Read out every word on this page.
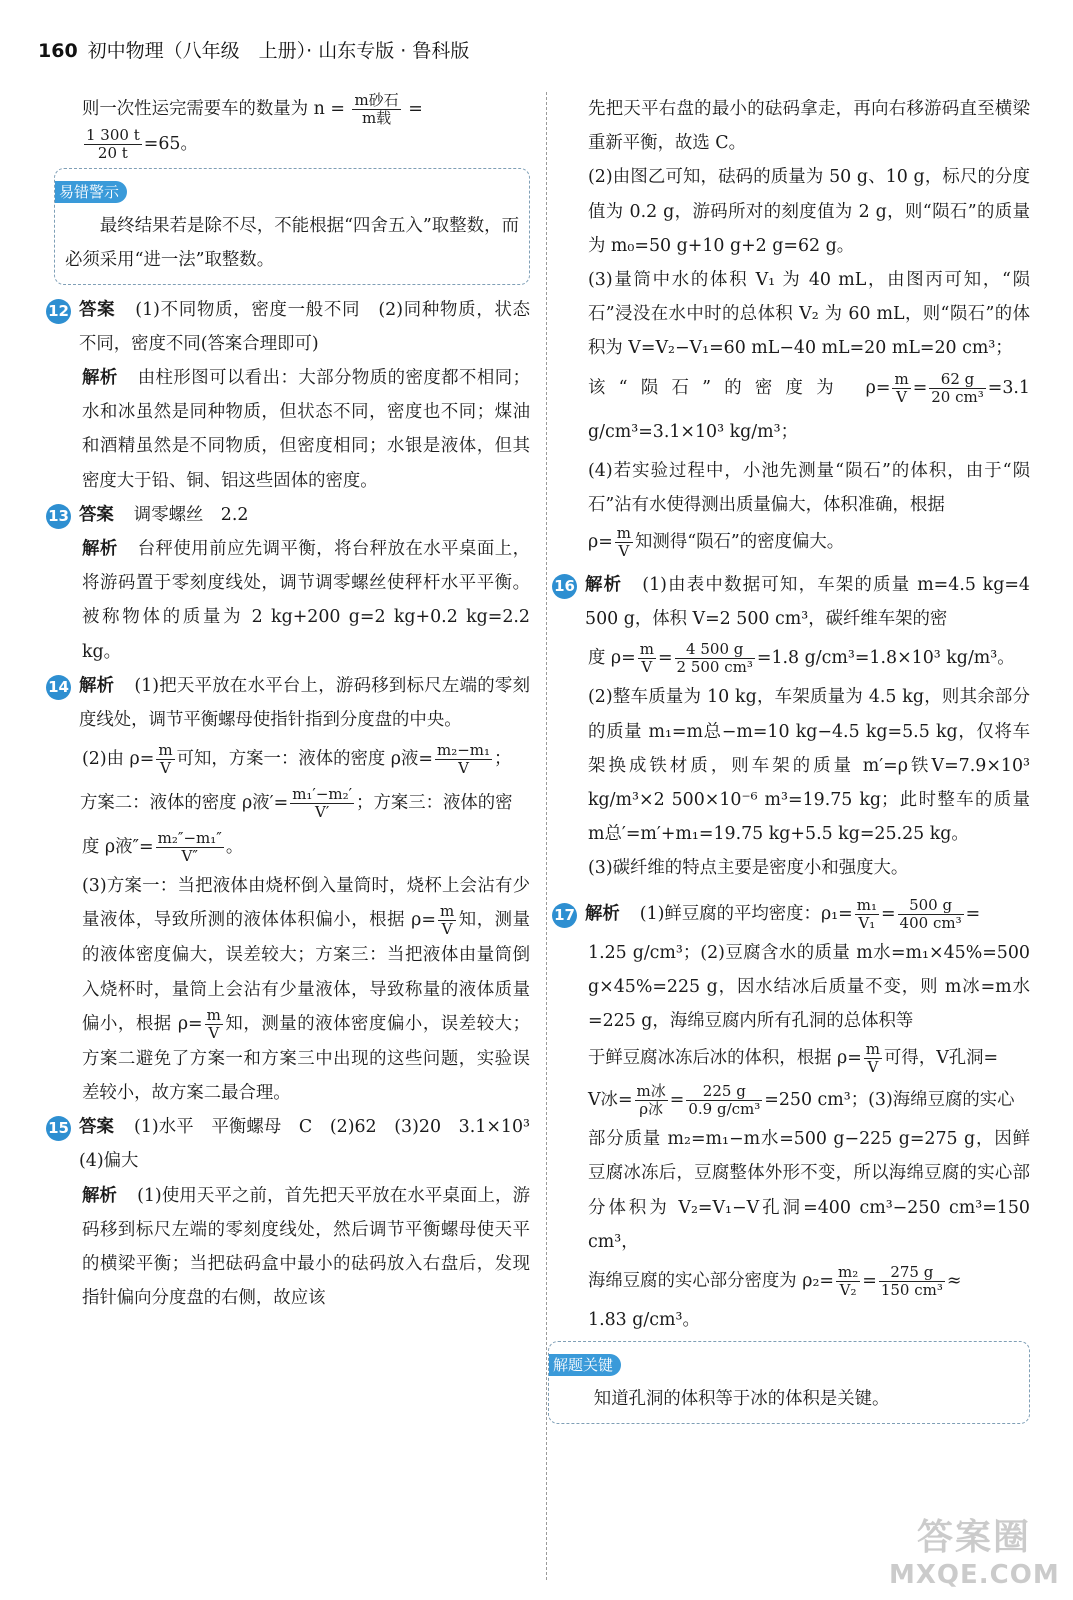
160 初中物理（八年级　上册）· 山东专版 · 鲁科版

则一次性运完需要车的数量为 $n = \frac{\text{m砂石}}{\text{m载}}$ =

$\frac{1 300 t}{20 t} =65$。

易错警示

最终结果若是除不尽，不能根据“四舍五入”取整数，而必须采用“进一法”取整数。

12 答案 (1)不同物质，密度一般不同　(2)同种物质，状态不同，密度不同(答案合理即可)

解析 由柱形图可以看出：大部分物质的密度都不相同；水和冰虽然是同种物质，但状态不同，密度也不同；煤油和酒精虽然是不同物质，但密度相同；水银是液体，但其密度大于铅、铜、铝这些固体的密度。

13 答案 调零螺丝　2.2

解析 台秤使用前应先调平衡，将台秤放在水平桌面上，将游码置于零刻度线处，调节调零螺丝使秤杆水平平衡。被称物体的质量为 2 kg+200 g=2 kg+0.2 kg=2.2 kg。

14 解析 (1)把天平放在水平台上，游码移到标尺左端的零刻度线处，调节平衡螺母使指针指到分度盘的中央。

(2)由 $\rho= \frac{m}{V}$ 可知，方案一：液体的密度 ρ液= $\frac{\text{m₂−m₁}}{V}$ ；

方案二：液体的密度 ρ液′= $\frac{\text{m₁′−m₂′}}{V'}$ ；方案三：液体的密

度 ρ液″= $\frac{\text{m₂″−m₁″}}{V''}$ 。

(3)方案一：当把液体由烧杯倒入量筒时，烧杯上会沾有少量液体，导致所测的液体体积偏小，根据 $\rho= \frac{m}{V}$ 知，测量的液体密度偏大，误差较大；方案三：当把液体由量筒倒入烧杯时，量筒上会沾有少量液体，导致称量的液体质量偏小，根据 $\rho= \frac{m}{V}$ 知，测量的液体密度偏小，误差较大；方案二避免了方案一和方案三中出现的这些问题，实验误差较小，故方案二最合理。

15 答案 (1)水平　平衡螺母　C　(2)62　(3)20　3.1×10³　(4)偏大

解析 (1)使用天平之前，首先把天平放在水平桌面上，游码移到标尺左端的零刻度线处，然后调节平衡螺母使天平的横梁平衡；当把砝码盒中最小的砝码放入右盘后，发现指针偏向分度盘的右侧，故应该

先把天平右盘的最小的砝码拿走，再向右移游码直至横梁重新平衡，故选 C。

(2)由图乙可知，砝码的质量为 50 g、10 g，标尺的分度值为 0.2 g，游码所对的刻度值为 2 g，则“陨石”的质量为 m₀=50 g+10 g+2 g=62 g。

(3)量筒中水的体积 V₁ 为 40 mL，由图丙可知，“陨石”浸没在水中时的总体积 V₂ 为 60 mL，则“陨石”的体积为 V=V₂−V₁=60 mL−40 mL=20 mL=20 cm³；

该“陨石”的密度为 $\rho= \frac{m}{V} = \frac{62 g}{\text{20 cm³}} =3.1$ g/cm³=3.1×10³ kg/m³；

(4)若实验过程中，小池先测量“陨石”的体积，由于“陨石”沾有水使得测出质量偏大，体积准确，根据

$\rho= \frac{m}{V}$ 知测得“陨石”的密度偏大。

16 解析 (1)由表中数据可知，车架的质量 m=4.5 kg=4 500 g，体积 V=2 500 cm³，碳纤维车架的密

度 $\rho= \frac{m}{V} = \frac{4 500 g}{\text{2 500 cm³}} =1.8$ g/cm³=1.8×10³ kg/m³。

(2)整车质量为 10 kg，车架质量为 4.5 kg，则其余部分的质量 m₁=m总−m=10 kg−4.5 kg=5.5 kg，仅将车架换成铁材质，则车架的质量 m′=ρ铁V=7.9×10³ kg/m³×2 500×10⁻⁶ m³=19.75 kg；此时整车的质量 m总′=m′+m₁=19.75 kg+5.5 kg=25.25 kg。

(3)碳纤维的特点主要是密度小和强度大。

17 解析 (1)鲜豆腐的平均密度：$\rho_1= \frac{\text{m₁}}{\text{V₁}} = \frac{500 g}{\text{400 cm³}}$ =

1.25 g/cm³；(2)豆腐含水的质量 m水=m₁×45%=500 g×45%=225 g，因水结冰后质量不变，则 m冰=m水=225 g，海绵豆腐内所有孔洞的总体积等

于鲜豆腐冰冻后冰的体积，根据 $\rho= \frac{m}{V}$ 可得，V孔洞=

V冰= $\frac{\text{m冰}}{\text{ρ冰}} = \frac{225 g}{\text{0.9 g/cm³}} =250$ cm³；(3)海绵豆腐的实心

部分质量 m₂=m₁−m水=500 g−225 g=275 g，因鲜豆腐冰冻后，豆腐整体外形不变，所以海绵豆腐的实心部分体积为 V₂=V₁−V孔洞=400 cm³−250 cm³=150 cm³，

海绵豆腐的实心部分密度为 $\rho_2= \frac{\text{m₂}}{\text{V₂}} = \frac{275 g}{\text{150 cm³}}$ ≈

1.83 g/cm³。

解题关键

知道孔洞的体积等于冰的体积是关键。

答案圈
MXQE.COM
